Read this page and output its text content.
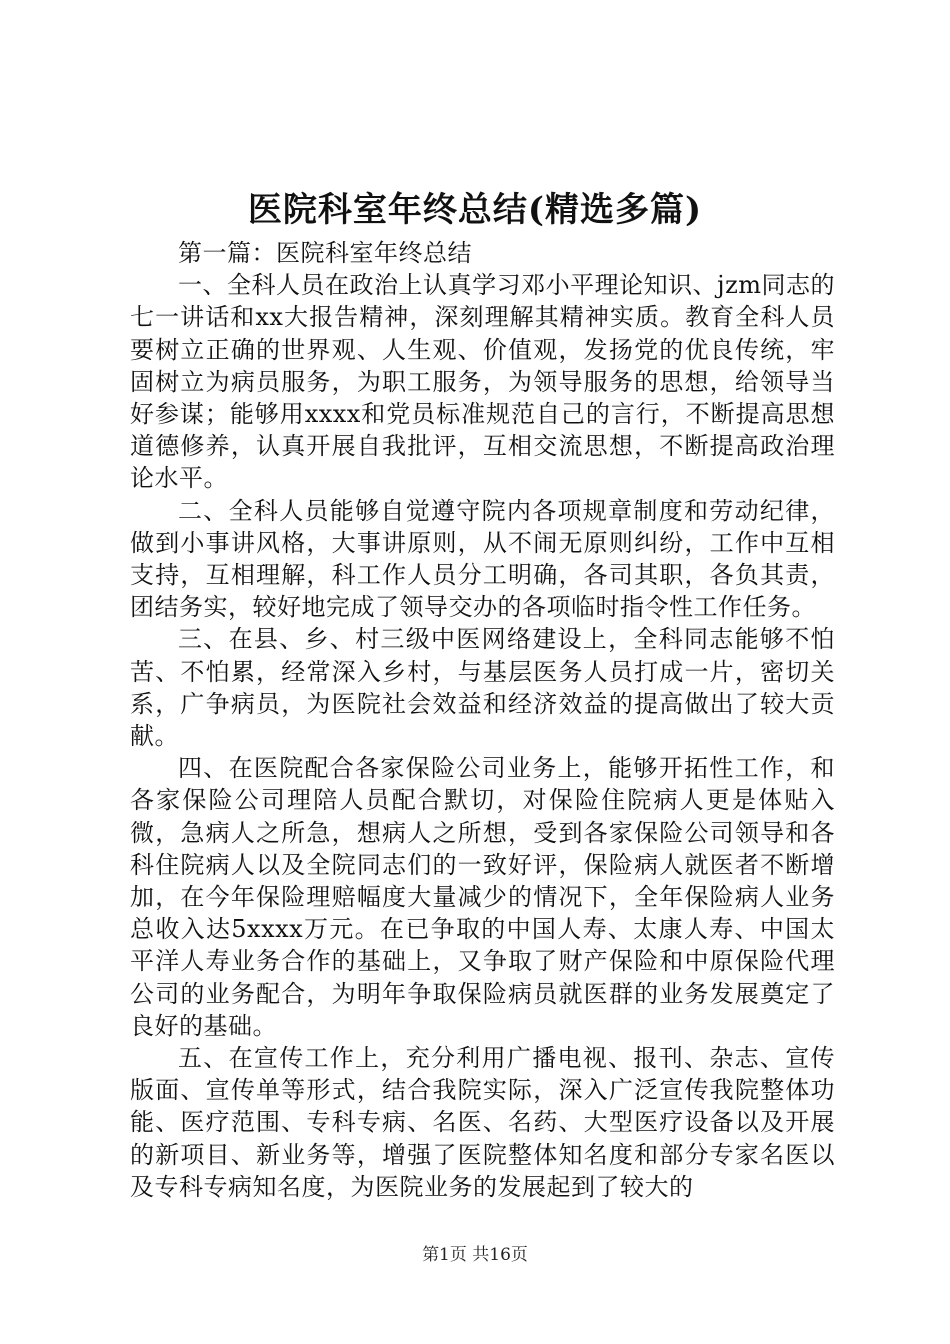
医院科室年终总结(精选多篇)

第一篇：医院科室年终总结

一、全科人员在政治上认真学习邓小平理论知识、jzm同志的七一讲话和xx大报告精神，深刻理解其精神实质。教育全科人员要树立正确的世界观、人生观、价值观，发扬党的优良传统，牢固树立为病员服务，为职工服务，为领导服务的思想，给领导当好参谋；能够用xxxx和党员标准规范自己的言行，不断提高思想道德修养，认真开展自我批评，互相交流思想，不断提高政治理论水平。

二、全科人员能够自觉遵守院内各项规章制度和劳动纪律，做到小事讲风格，大事讲原则，从不闹无原则纠纷，工作中互相支持，互相理解，科工作人员分工明确，各司其职，各负其责，团结务实，较好地完成了领导交办的各项临时指令性工作任务。

三、在县、乡、村三级中医网络建设上，全科同志能够不怕苦、不怕累，经常深入乡村，与基层医务人员打成一片，密切关系，广争病员，为医院社会效益和经济效益的提高做出了较大贡献。

四、在医院配合各家保险公司业务上，能够开拓性工作，和各家保险公司理陪人员配合默切，对保险住院病人更是体贴入微，急病人之所急，想病人之所想，受到各家保险公司领导和各科住院病人以及全院同志们的一致好评，保险病人就医者不断增加，在今年保险理赔幅度大量减少的情况下，全年保险病人业务总收入达5xxxx万元。在已争取的中国人寿、太康人寿、中国太平洋人寿业务合作的基础上，又争取了财产保险和中原保险代理公司的业务配合，为明年争取保险病员就医群的业务发展奠定了良好的基础。

五、在宣传工作上，充分利用广播电视、报刊、杂志、宣传版面、宣传单等形式，结合我院实际，深入广泛宣传我院整体功能、医疗范围、专科专病、名医、名药、大型医疗设备以及开展的新项目、新业务等，增强了医院整体知名度和部分专家名医以及专科专病知名度，为医院业务的发展起到了较大的

第1页 共16页
